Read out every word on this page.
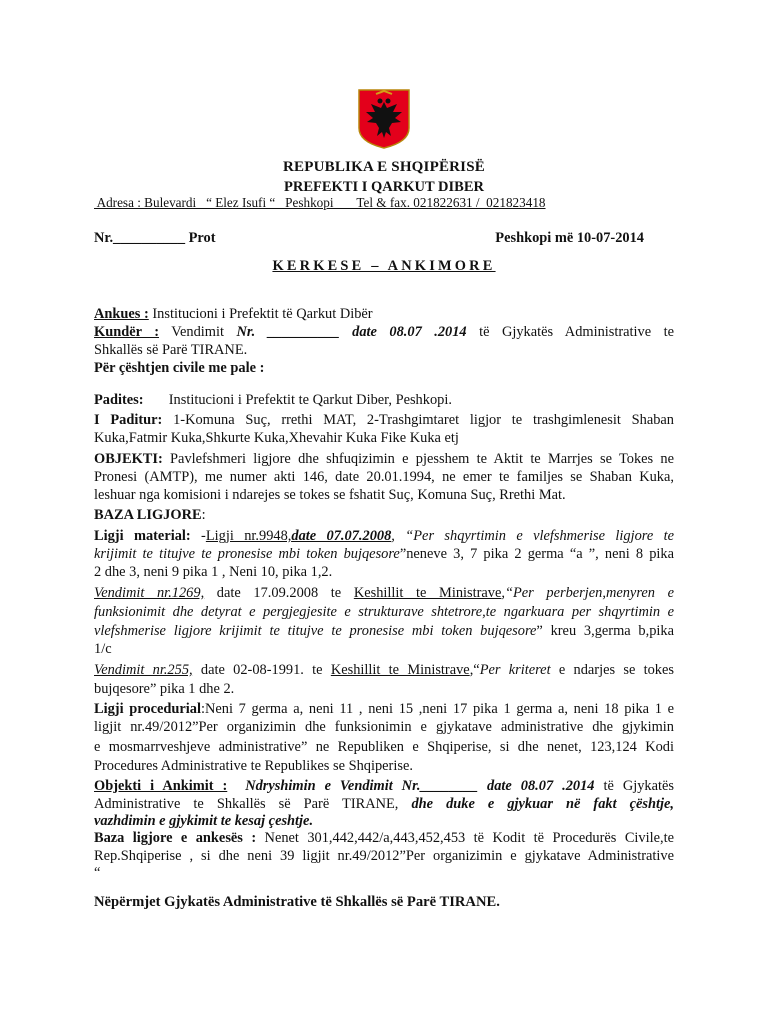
REPUBLIKA E SHQIPËRISË
PREFEKTI I QARKUT DIBER
Adresa : Bulevardi   “ Elez Isufi “   Peshkopi       Tel & fax. 021822631 /  021823418
Nr.__________ Prot	Peshkopi më 10-07-2014
KERKESE – ANKIMORE
Ankues : Institucioni i Prefektit të Qarkut Dibër
Kundër : Vendimit Nr. __________ date 08.07 .2014 të Gjykatës Administrative te
Shkallës së Parë TIRANE.
Për çështjen civile me pale :
Padites: Institucioni i Prefektit te Qarkut Diber, Peshkopi.
I Paditur: 1-Komuna Suç, rrethi MAT, 2-Trashgimtaret ligjor te trashgimlenesit Shaban
Kuka,Fatmir Kuka,Shkurte Kuka,Xhevahir Kuka Fike Kuka etj
OBJEKTI: Pavlefshmeri ligjore dhe shfuqizimin e pjesshem te Aktit te Marrjes se Tokes ne
Pronesi (AMTP), me numer akti 146, date 20.01.1994, ne emer te familjes se Shaban Kuka,
leshuar nga komisioni i ndarejes se tokes se fshatit Suç, Komuna Suç, Rrethi Mat.
BAZA LIGJORE:
Ligji material: -Ligji nr.9948,date 07.07.2008, “Per shqyrtimin e vlefshmerise ligjore te
krijimit te titujve te pronesise mbi token bujqesore”neneve 3, 7 pika 2 germa “a ”, neni 8 pika
2 dhe 3, neni 9 pika 1 , Neni 10, pika 1,2.
Vendimit nr.1269, date 17.09.2008 te Keshillit te Ministrave,“Per perberjen,menyren e
funksionimit dhe detyrat e pergjegjesite e strukturave shtetrore,te ngarkuara per shqyrtimin e
vlefshmerise ligjore krijimit te titujve te pronesise mbi token bujqesore” kreu 3,germa b,pika
1/c
Vendimit nr.255, date 02-08-1991. te Keshillit te Ministrave,“Per kriteret e ndarjes se tokes
bujqesore” pika 1 dhe 2.
Ligji procedurial:Neni 7 germa a, neni 11 , neni 15 ,neni 17 pika 1 germa a, neni 18 pika 1 e
ligjit nr.49/2012”Per organizimin dhe funksionimin e gjykatave administrative dhe gjykimin
e mosmarrveshjeve administrative” ne Republiken e Shqiperise, si dhe nenet, 123,124 Kodi
Procedures Administrative te Republikes se Shqiperise.
Objekti i Ankimit : Ndryshimin e Vendimit Nr.________ date 08.07 .2014 të Gjykatës
Administrative te Shkallës së Parë TIRANE, dhe duke e gjykuar në fakt çështje,
vazhdimin e gjykimit te kesaj çeshtje.
Baza ligjore e ankesës : Nenet 301,442,442/a,443,452,453 të Kodit të Procedurës Civile,te
Rep.Shqiperise , si dhe neni 39 ligjit nr.49/2012”Per organizimin e gjykatave Administrative
“
Nëpërmjet Gjykatës Administrative të Shkallës së Parë TIRANE.
